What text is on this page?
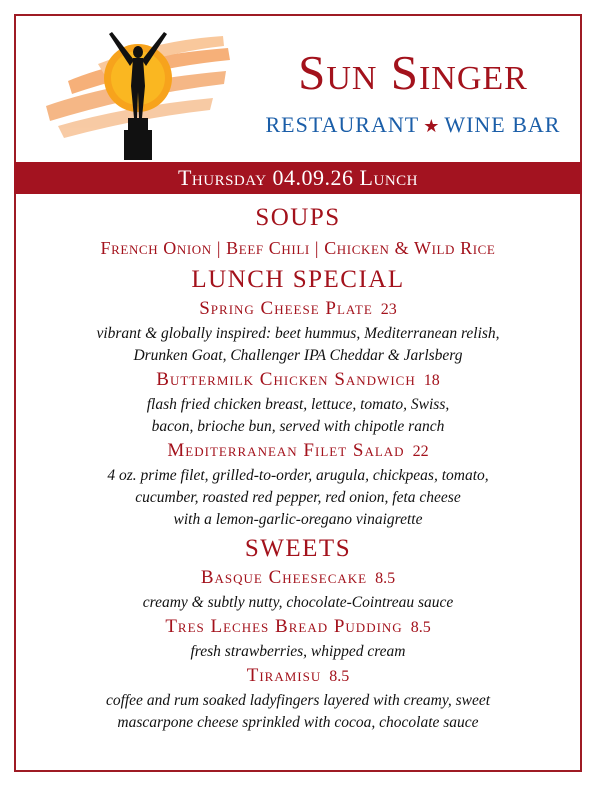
Sun Singer
RESTAURANT ★ WINE BAR
Thursday 04.09.26 Lunch
SOUPS
French Onion | Beef Chili | Chicken & Wild Rice
LUNCH SPECIAL
Spring Cheese Plate 23
vibrant & globally inspired: beet hummus, Mediterranean relish,
Drunken Goat, Challenger IPA Cheddar & Jarlsberg
Buttermilk Chicken Sandwich 18
flash fried chicken breast, lettuce, tomato, Swiss,
bacon, brioche bun, served with chipotle ranch
Mediterranean Filet Salad 22
4 oz. prime filet, grilled-to-order, arugula, chickpeas, tomato,
cucumber, roasted red pepper, red onion, feta cheese
with a lemon-garlic-oregano vinaigrette
SWEETS
Basque Cheesecake 8.5
creamy & subtly nutty, chocolate-Cointreau sauce
Tres Leches Bread Pudding 8.5
fresh strawberries, whipped cream
Tiramisu 8.5
coffee and rum soaked ladyfingers layered with creamy, sweet
mascarpone cheese sprinkled with cocoa, chocolate sauce
